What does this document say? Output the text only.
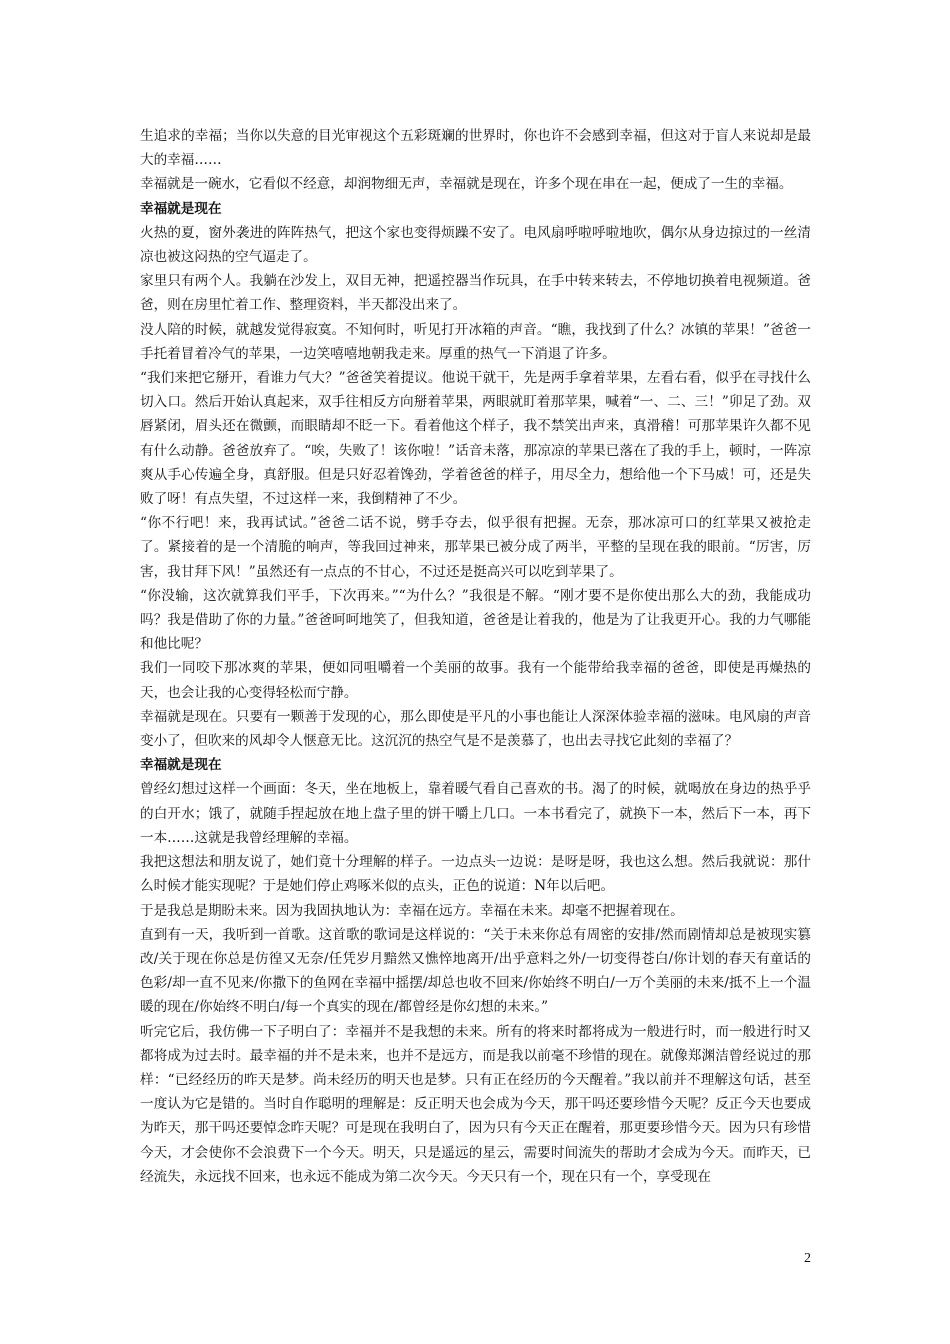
生追求的幸福；当你以失意的目光审视这个五彩斑斓的世界时，你也许不会感到幸福，但这对于盲人来说却是最大的幸福……

幸福就是一碗水，它看似不经意，却润物细无声，幸福就是现在，许多个现在串在一起，便成了一生的幸福。

幸福就是现在

火热的夏，窗外袭进的阵阵热气，把这个家也变得烦躁不安了。电风扇呼啦呼啦地吹，偶尔从身边掠过的一丝清凉也被这闷热的空气逼走了。

家里只有两个人。我躺在沙发上，双目无神，把遥控器当作玩具，在手中转来转去，不停地切换着电视频道。爸爸，则在房里忙着工作、整理资料，半天都没出来了。

没人陪的时候，就越发觉得寂寞。不知何时，听见打开冰箱的声音。“瞧，我找到了什么？冰镇的苹果！”爸爸一手托着冒着冷气的苹果，一边笑嘻嘻地朝我走来。厚重的热气一下消退了许多。

“我们来把它掰开，看谁力气大？”爸爸笑着提议。他说干就干，先是两手拿着苹果，左看右看，似乎在寻找什么切入口。然后开始认真起来，双手往相反方向掰着苹果，两眼就盯着那苹果，喊着“一、二、三！”卯足了劲。双唇紧闭，眉头还在微颤，而眼睛却不眨一下。看着他这个样子，我不禁笑出声来，真滑稽！可那苹果许久都不见有什么动静。爸爸放弃了。“唉，失败了！该你啦！”话音未落，那凉凉的苹果已落在了我的手上，顿时，一阵凉爽从手心传遍全身，真舒服。但是只好忍着馋劲，学着爸爸的样子，用尽全力，想给他一个下马威！可，还是失败了呀！有点失望，不过这样一来，我倒精神了不少。

“你不行吧！来，我再试试。”爸爸二话不说，劈手夺去，似乎很有把握。无奈，那冰凉可口的红苹果又被抢走了。紧接着的是一个清脆的响声，等我回过神来，那苹果已被分成了两半，平整的呈现在我的眼前。“厉害，厉害，我甘拜下风！”虽然还有一点点的不甘心，不过还是挺高兴可以吃到苹果了。

“你没输，这次就算我们平手，下次再来。”“为什么？”我很是不解。“刚才要不是你使出那么大的劲，我能成功吗？我是借助了你的力量。”爸爸呵呵地笑了，但我知道，爸爸是让着我的，他是为了让我更开心。我的力气哪能和他比呢？

我们一同咬下那冰爽的苹果，便如同咀嚼着一个美丽的故事。我有一个能带给我幸福的爸爸，即使是再燥热的天，也会让我的心变得轻松而宁静。

幸福就是现在。只要有一颗善于发现的心，那么即使是平凡的小事也能让人深深体验幸福的滋味。电风扇的声音变小了，但吹来的风却令人惬意无比。这沉沉的热空气是不是羡慕了，也出去寻找它此刻的幸福了？

幸福就是现在

曾经幻想过这样一个画面：冬天，坐在地板上，靠着暖气看自己喜欢的书。渴了的时候，就喝放在身边的热乎乎的白开水；饿了，就随手捏起放在地上盘子里的饼干嚼上几口。一本书看完了，就换下一本，然后下一本，再下一本……这就是我曾经理解的幸福。

我把这想法和朋友说了，她们竟十分理解的样子。一边点头一边说：是呀是呀，我也这么想。然后我就说：那什么时候才能实现呢？于是她们停止鸡啄米似的点头，正色的说道：N年以后吧。

于是我总是期盼未来。因为我固执地认为：幸福在远方。幸福在未来。却毫不把握着现在。

直到有一天，我听到一首歌。这首歌的歌词是这样说的：“关于未来你总有周密的安排/然而剧情却总是被现实篡改/关于现在你总是仿徨又无奈/任凭岁月黯然又憔悴地离开/出乎意料之外/一切变得苍白/你计划的春天有童话的色彩/却一直不见来/你撒下的鱼网在幸福中摇摆/却总也收不回来/你始终不明白/一万个美丽的未来/抵不上一个温暖的现在/你始终不明白/每一个真实的现在/都曾经是你幻想的未来。”

听完它后，我仿佛一下子明白了：幸福并不是我想的未来。所有的将来时都将成为一般进行时，而一般进行时又都将成为过去时。最幸福的并不是未来，也并不是远方，而是我以前毫不珍惜的现在。就像郑渊洁曾经说过的那样：“已经经历的昨天是梦。尚未经历的明天也是梦。只有正在经历的今天醒着。”我以前并不理解这句话，甚至一度认为它是错的。当时自作聪明的理解是：反正明天也会成为今天，那干吗还要珍惜今天呢？反正今天也要成为昨天，那干吗还要悼念昨天呢？可是现在我明白了，因为只有今天正在醒着，那更要珍惜今天。因为只有珍惜今天，才会使你不会浪费下一个今天。明天，只是遥远的星云，需要时间流失的帮助才会成为今天。而昨天，已经流失，永远找不回来，也永远不能成为第二次今天。今天只有一个，现在只有一个，享受现在

2
